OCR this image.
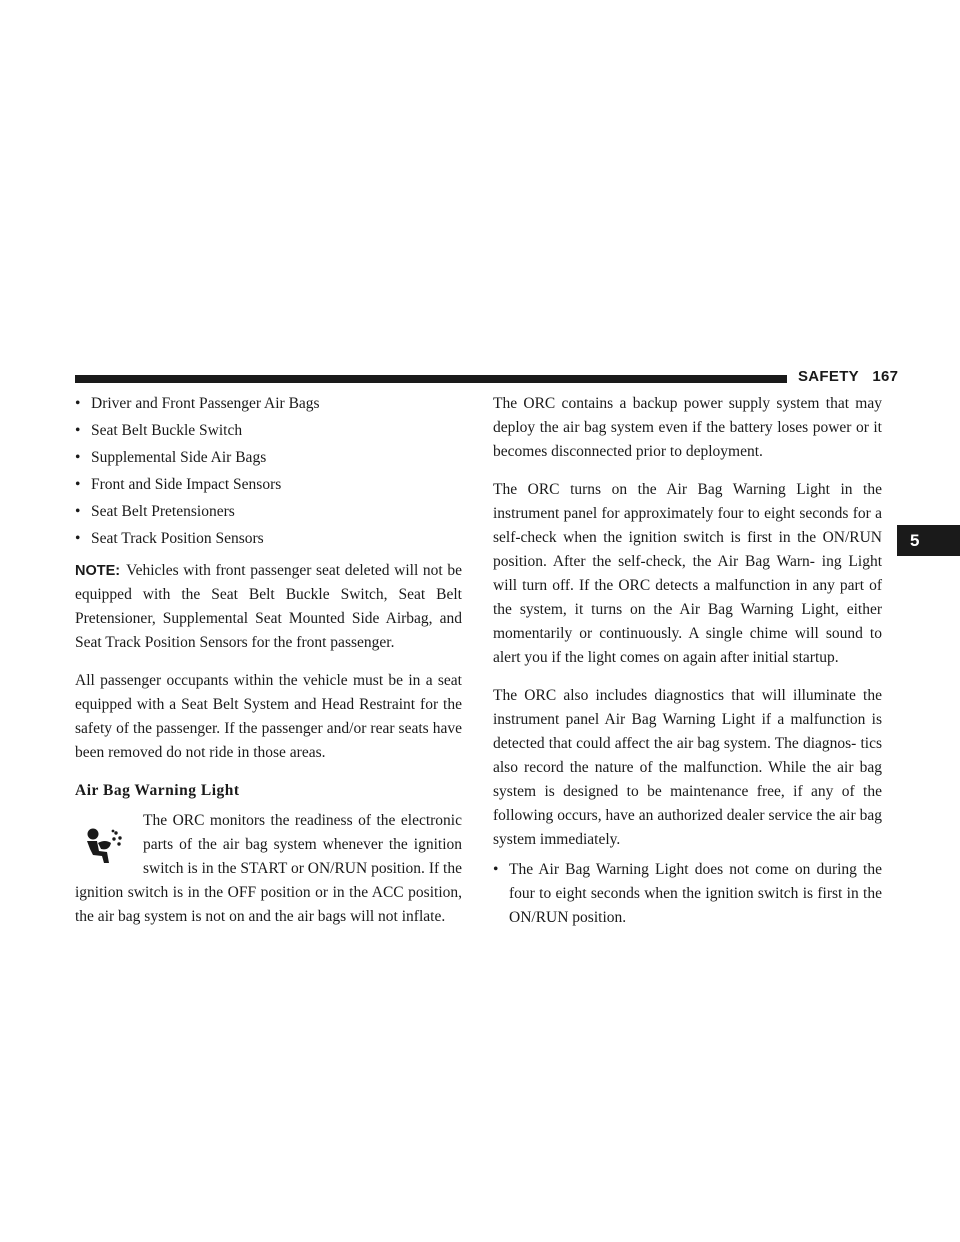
SAFETY 167
5
• Driver and Front Passenger Air Bags
• Seat Belt Buckle Switch
• Supplemental Side Air Bags
• Front and Side Impact Sensors
• Seat Belt Pretensioners
• Seat Track Position Sensors

NOTE: Vehicles with front passenger seat deleted will not be equipped with the Seat Belt Buckle Switch, Seat Belt Pretensioner, Supplemental Seat Mounted Side Airbag, and Seat Track Position Sensors for the front passenger.

All passenger occupants within the vehicle must be in a seat equipped with a Seat Belt System and Head Restraint for the safety of the passenger. If the passenger and/or rear seats have been removed do not ride in those areas.

Air Bag Warning Light

The ORC monitors the readiness of the electronic parts of the air bag system whenever the ignition switch is in the START or ON/RUN position. If the ignition switch is in the OFF position or in the ACC position, the air bag system is not on and the air bags will not inflate.

The ORC contains a backup power supply system that may deploy the air bag system even if the battery loses power or it becomes disconnected prior to deployment.

The ORC turns on the Air Bag Warning Light in the instrument panel for approximately four to eight seconds for a self-check when the ignition switch is first in the ON/RUN position. After the self-check, the Air Bag Warn- ing Light will turn off. If the ORC detects a malfunction in any part of the system, it turns on the Air Bag Warning Light, either momentarily or continuously. A single chime will sound to alert you if the light comes on again after initial startup.

The ORC also includes diagnostics that will illuminate the instrument panel Air Bag Warning Light if a malfunction is detected that could affect the air bag system. The diagnos- tics also record the nature of the malfunction. While the air bag system is designed to be maintenance free, if any of the following occurs, have an authorized dealer service the air bag system immediately.

• The Air Bag Warning Light does not come on during the four to eight seconds when the ignition switch is first in the ON/RUN position.
